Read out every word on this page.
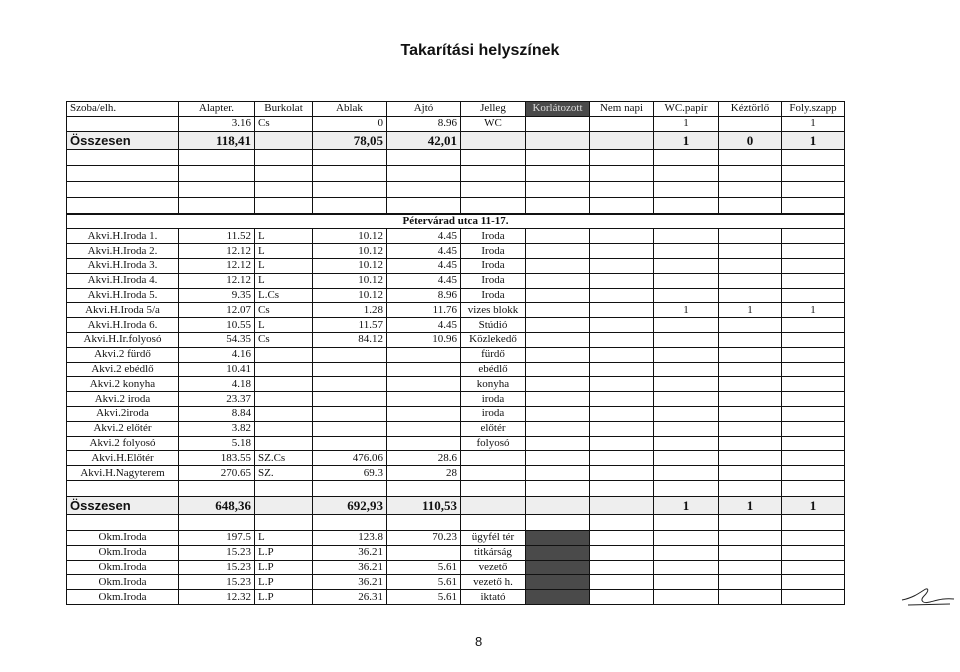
Takarítási helyszínek
Szoba/elh.	Alapter.	Burkolat	Ablak	Ajtó	Jelleg	Korlátozott	Nem napi	WC.papír	Kéztörlő	Foly.szapp
	3.16	Cs	0	8.96	WC			1		1
Összesen	118,41		78,05	42,01				1	0	1

Pétervárad utca 11-17.										
Akvi.H.Iroda 1.	11.52	L	10.12	4.45	Iroda					
Akvi.H.Iroda 2.	12.12	L	10.12	4.45	Iroda					
Akvi.H.Iroda 3.	12.12	L	10.12	4.45	Iroda					
Akvi.H.Iroda 4.	12.12	L	10.12	4.45	Iroda					
Akvi.H.Iroda 5.	9.35	L.Cs	10.12	8.96	Iroda					
Akvi.H.Iroda 5/a	12.07	Cs	1.28	11.76	vizes blokk			1	1	1
Akvi.H.Iroda 6.	10.55	L	11.57	4.45	Stúdió					
Akvi.H.Ir.folyosó	54.35	Cs	84.12	10.96	Közlekedő					
Akvi.2 fürdő	4.16				fürdő					
Akvi.2 ebédlő	10.41				ebédlő					
Akvi.2 konyha	4.18				konyha					
Akvi.2 iroda	23.37				iroda					
Akvi.2iroda	8.84				iroda					
Akvi.2 előtér	3.82				előtér					
Akvi.2 folyosó	5.18				folyosó					
Akvi.H.Előtér	183.55	SZ.Cs	476.06	28.6						
Akvi.H.Nagyterem	270.65	SZ.	69.3	28						

Összesen	648,36		692,93	110,53				1	1	1

Okm.Iroda	197.5	L	123.8	70.23	ügyfél tér					
Okm.Iroda	15.23	L.P	36.21		titkárság					
Okm.Iroda	15.23	L.P	36.21	5.61	vezető					
Okm.Iroda	15.23	L.P	36.21	5.61	vezető h.					
Okm.Iroda	12.32	L.P	26.31	5.61	iktató					
8
